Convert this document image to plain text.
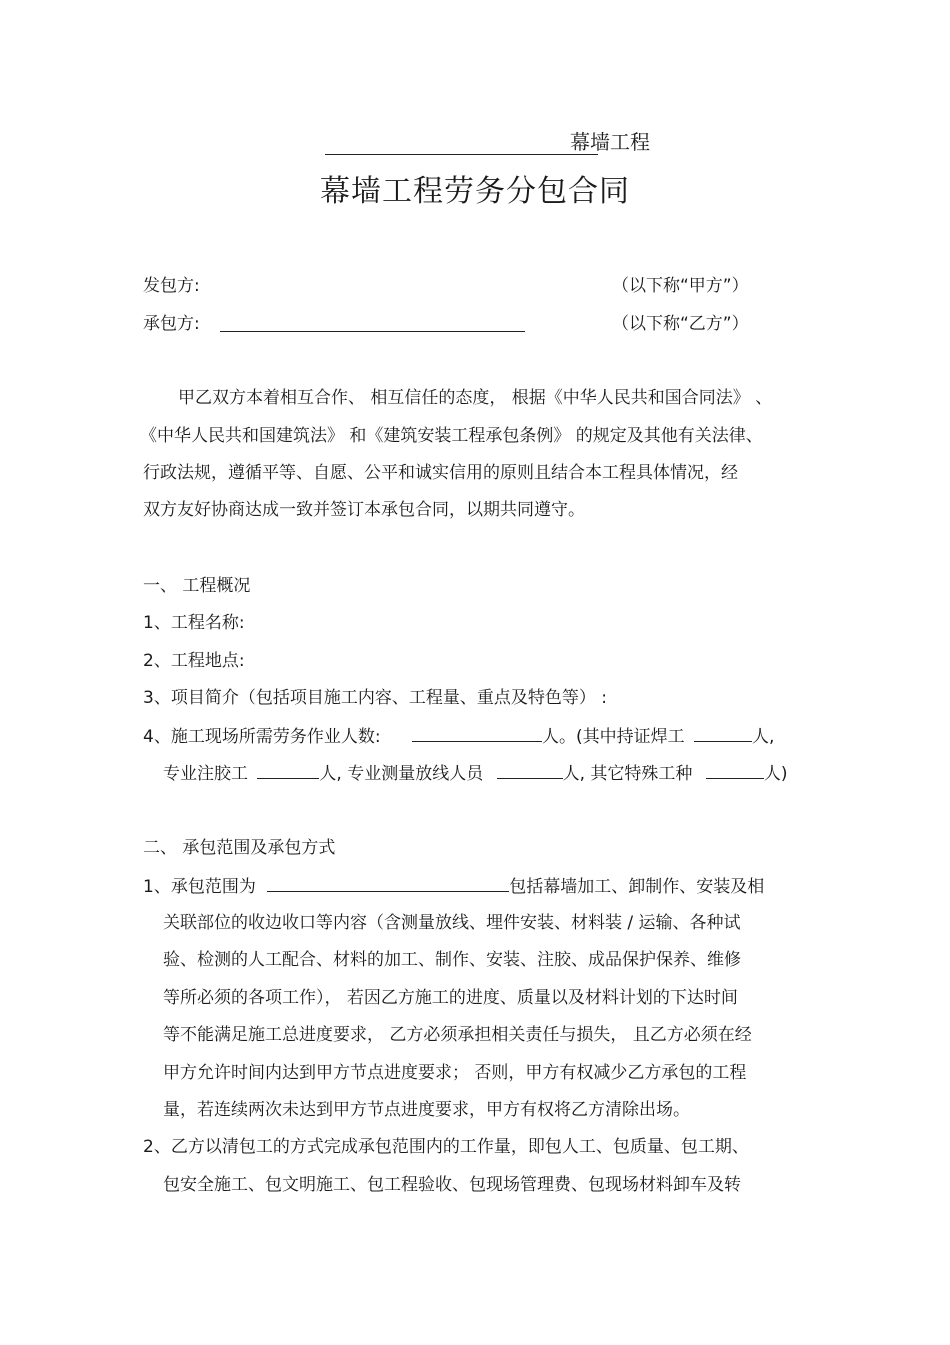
幕墙工程
幕墙工程劳务分包合同
发包方:	（以下称“甲方”）
承包方:	（以下称“乙方”）
甲乙双方本着相互合作、 相互信任的态度， 根据《中华人民共和国合同法》 、
《中华人民共和国建筑法》 和《建筑安装工程承包条例》 的规定及其他有关法律、
行政法规，遵循平等、自愿、公平和诚实信用的原则且结合本工程具体情况，经
双方友好协商达成一致并签订本承包合同，以期共同遵守。
一、 工程概况
1、工程名称:
2、工程地点:
3、项目简介（包括项目施工内容、工程量、重点及特色等） :
4、施工现场所需劳务作业人数:	人。(其中持证焊工	人,
专业注胶工	人, 专业测量放线人员	人, 其它特殊工种	人)
二、 承包范围及承包方式
1、承包范围为	包括幕墙加工、卸制作、安装及相
关联部位的收边收口等内容（含测量放线、埋件安装、材料装 / 运输、各种试
验、检测的人工配合、材料的加工、制作、安装、注胶、成品保护保养、维修
等所必须的各项工作）， 若因乙方施工的进度、质量以及材料计划的下达时间
等不能满足施工总进度要求， 乙方必须承担相关责任与损失， 且乙方必须在经
甲方允许时间内达到甲方节点进度要求； 否则，甲方有权减少乙方承包的工程
量，若连续两次未达到甲方节点进度要求，甲方有权将乙方清除出场。
2、乙方以清包工的方式完成承包范围内的工作量，即包人工、包质量、包工期、
包安全施工、包文明施工、包工程验收、包现场管理费、包现场材料卸车及转
